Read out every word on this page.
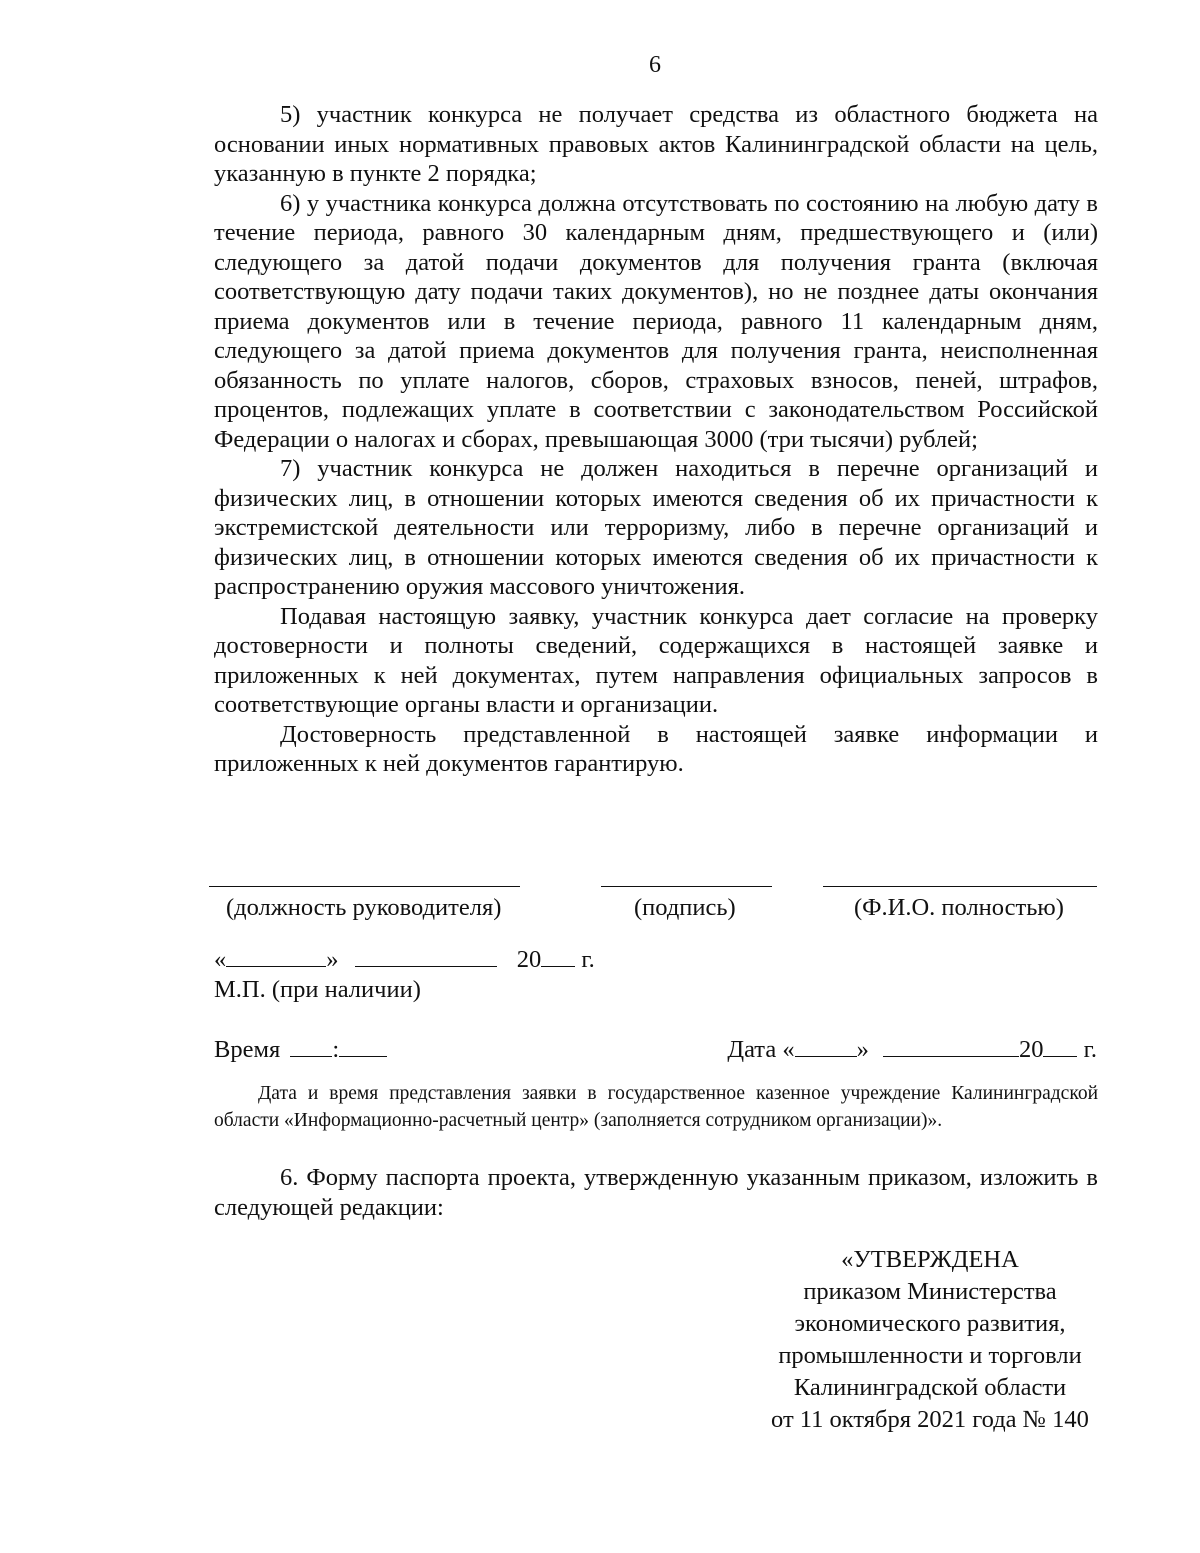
6

5) участник конкурса не получает средства из областного бюджета на основании иных нормативных правовых актов Калининградской области на цель, указанную в пункте 2 порядка;

6) у участника конкурса должна отсутствовать по состоянию на любую дату в течение периода, равного 30 календарным дням, предшествующего и (или) следующего за датой подачи документов для получения гранта (включая соответствующую дату подачи таких документов), но не позднее даты окончания приема документов или в течение периода, равного 11 календарным дням, следующего за датой приема документов для получения гранта, неисполненная обязанность по уплате налогов, сборов, страховых взносов, пеней, штрафов, процентов, подлежащих уплате в соответствии с законодательством Российской Федерации о налогах и сборах, превышающая 3000 (три тысячи) рублей;

7) участник конкурса не должен находиться в перечне организаций и физических лиц, в отношении которых имеются сведения об их причастности к экстремистской деятельности или терроризму, либо в перечне организаций и физических лиц, в отношении которых имеются сведения об их причастности к распространению оружия массового уничтожения.

Подавая настоящую заявку, участник конкурса дает согласие на проверку достоверности и полноты сведений, содержащихся в настоящей заявке и приложенных к ней документах, путем направления официальных запросов в соответствующие органы власти и организации.

Достоверность представленной в настоящей заявке информации и приложенных к ней документов гарантирую.

(должность руководителя)	(подпись)	(Ф.И.О. полностью)
«	»	20 г.
М.П. (при наличии)
Время :	Дата «	»	20 г.
Дата и время представления заявки в государственное казенное учреждение Калининградской области «Информационно-расчетный центр» (заполняется сотрудником организации)».
6. Форму паспорта проекта, утвержденную указанным приказом, изложить в следующей редакции:
«УТВЕРЖДЕНА
приказом Министерства
экономического развития,
промышленности и торговли
Калининградской области
от 11 октября 2021 года № 140
